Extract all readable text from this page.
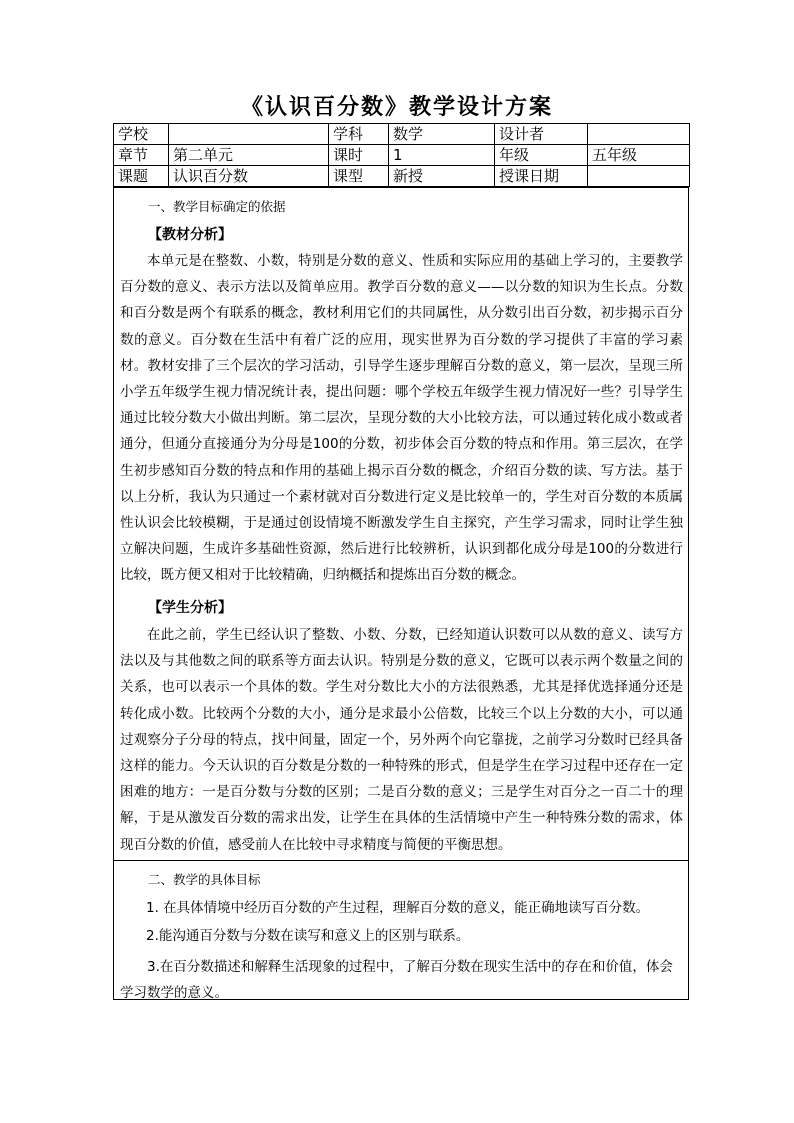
《认识百分数》教学设计方案
学校		学科	数学	设计者	
章节	第二单元	课时	1	年级	五年级
课题	认识百分数	课型	新授	授课日期	
一、教学目标确定的依据
【教材分析】
本单元是在整数、小数，特别是分数的意义、性质和实际应用的基础上学习的，主要教学百分数的意义、表示方法以及简单应用。教学百分数的意义——以分数的知识为生长点。分数和百分数是两个有联系的概念，教材利用它们的共同属性，从分数引出百分数，初步揭示百分数的意义。百分数在生活中有着广泛的应用，现实世界为百分数的学习提供了丰富的学习素材。教材安排了三个层次的学习活动，引导学生逐步理解百分数的意义，第一层次，呈现三所小学五年级学生视力情况统计表，提出问题：哪个学校五年级学生视力情况好一些？引导学生通过比较分数大小做出判断。第二层次，呈现分数的大小比较方法，可以通过转化成小数或者通分，但通分直接通分为分母是100的分数，初步体会百分数的特点和作用。第三层次，在学生初步感知百分数的特点和作用的基础上揭示百分数的概念，介绍百分数的读、写方法。基于以上分析，我认为只通过一个素材就对百分数进行定义是比较单一的，学生对百分数的本质属性认识会比较模糊，于是通过创设情境不断激发学生自主探究，产生学习需求，同时让学生独立解决问题，生成许多基础性资源，然后进行比较辨析，认识到都化成分母是100的分数进行比较，既方便又相对于比较精确，归纳概括和提炼出百分数的概念。
【学生分析】
在此之前，学生已经认识了整数、小数、分数，已经知道认识数可以从数的意义、读写方法以及与其他数之间的联系等方面去认识。特别是分数的意义，它既可以表示两个数量之间的关系，也可以表示一个具体的数。学生对分数比大小的方法很熟悉，尤其是择优选择通分还是转化成小数。比较两个分数的大小，通分是求最小公倍数，比较三个以上分数的大小，可以通过观察分子分母的特点，找中间量，固定一个，另外两个向它靠拢，之前学习分数时已经具备这样的能力。今天认识的百分数是分数的一种特殊的形式，但是学生在学习过程中还存在一定困难的地方：一是百分数与分数的区别；二是百分数的意义；三是学生对百分之一百二十的理解，于是从激发百分数的需求出发，让学生在具体的生活情境中产生一种特殊分数的需求，体现百分数的价值，感受前人在比较中寻求精度与简便的平衡思想。
二、教学的具体目标
1. 在具体情境中经历百分数的产生过程，理解百分数的意义，能正确地读写百分数。
2.能沟通百分数与分数在读写和意义上的区别与联系。
3.在百分数描述和解释生活现象的过程中，了解百分数在现实生活中的存在和价值，体会学习数学的意义。
